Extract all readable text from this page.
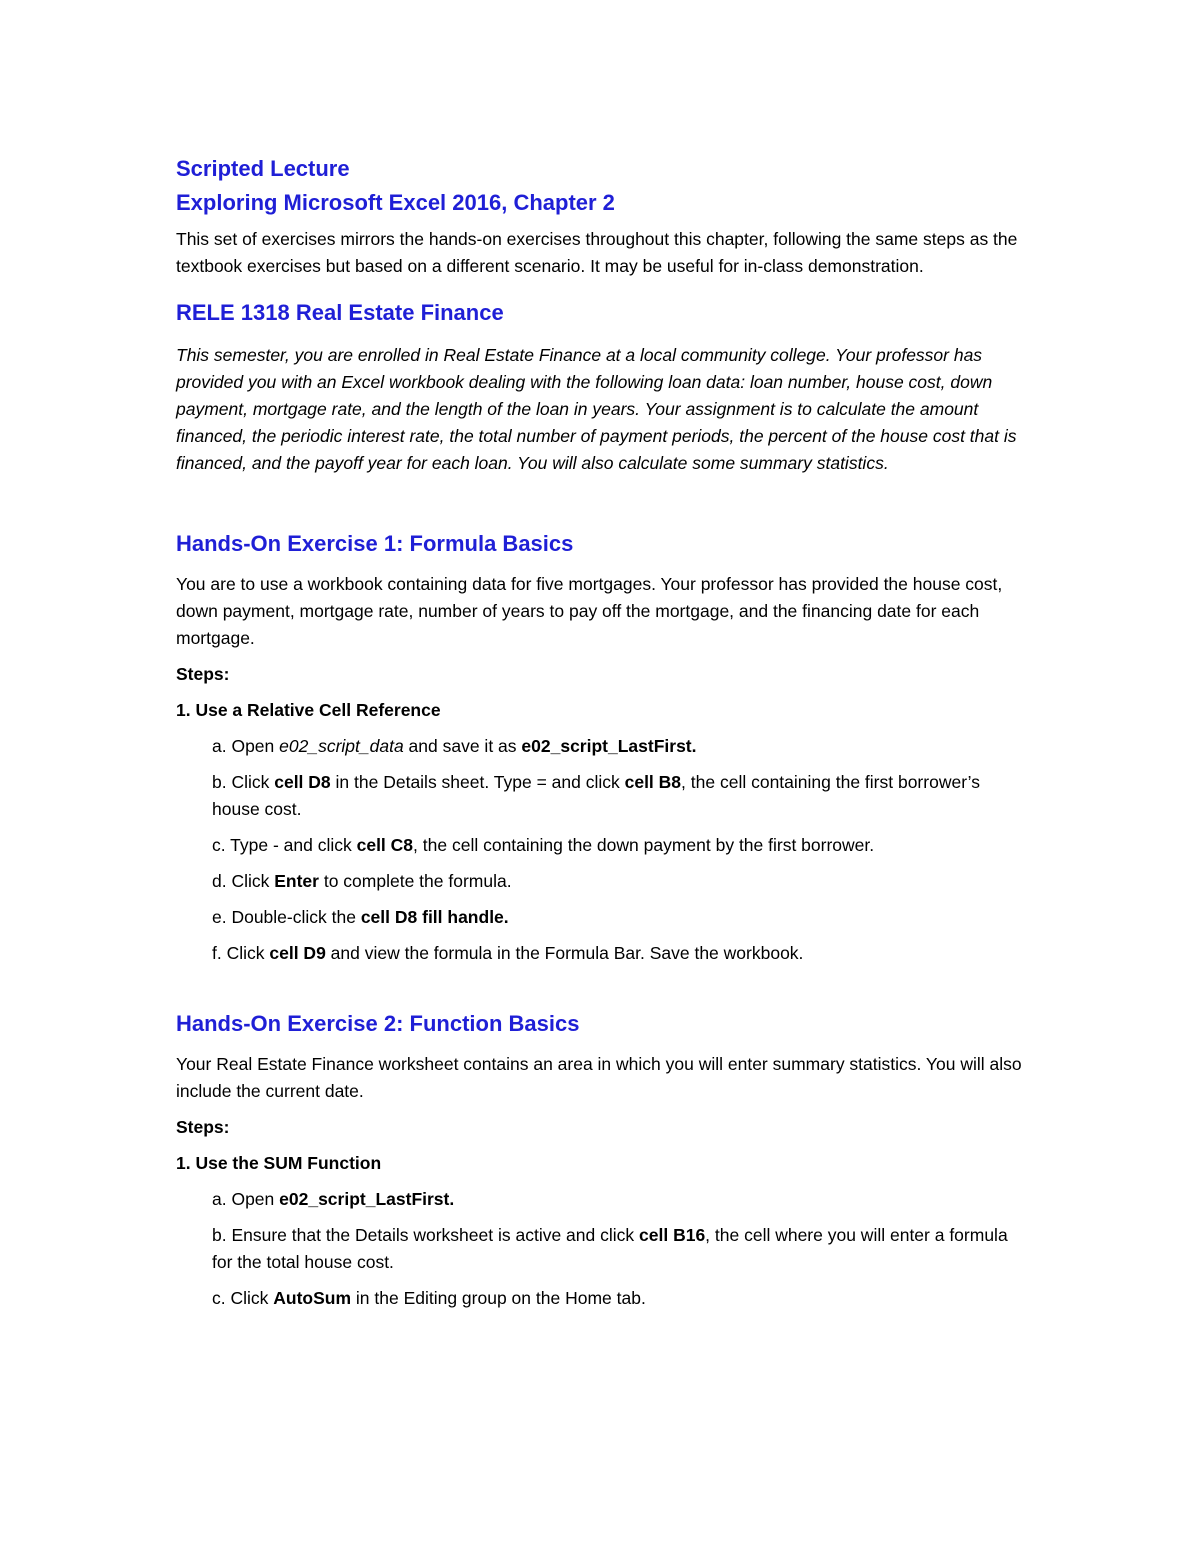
Scripted Lecture
Exploring Microsoft Excel 2016, Chapter 2

This set of exercises mirrors the hands-on exercises throughout this chapter, following the same steps as the textbook exercises but based on a different scenario. It may be useful for in-class demonstration.

RELE 1318 Real Estate Finance

This semester, you are enrolled in Real Estate Finance at a local community college. Your professor has provided you with an Excel workbook dealing with the following loan data: loan number, house cost, down payment, mortgage rate, and the length of the loan in years. Your assignment is to calculate the amount financed, the periodic interest rate, the total number of payment periods, the percent of the house cost that is financed, and the payoff year for each loan. You will also calculate some summary statistics.

Hands-On Exercise 1: Formula Basics

You are to use a workbook containing data for five mortgages. Your professor has provided the house cost, down payment, mortgage rate, number of years to pay off the mortgage, and the financing date for each mortgage.

Steps:

1. Use a Relative Cell Reference

a. Open e02_script_data and save it as e02_script_LastFirst.

b. Click cell D8 in the Details sheet. Type = and click cell B8, the cell containing the first borrower’s house cost.

c. Type - and click cell C8, the cell containing the down payment by the first borrower.

d. Click Enter to complete the formula.

e. Double-click the cell D8 fill handle.

f. Click cell D9 and view the formula in the Formula Bar. Save the workbook.

Hands-On Exercise 2: Function Basics

Your Real Estate Finance worksheet contains an area in which you will enter summary statistics. You will also include the current date.

Steps:

1. Use the SUM Function

a. Open e02_script_LastFirst.

b. Ensure that the Details worksheet is active and click cell B16, the cell where you will enter a formula for the total house cost.

c. Click AutoSum in the Editing group on the Home tab.
